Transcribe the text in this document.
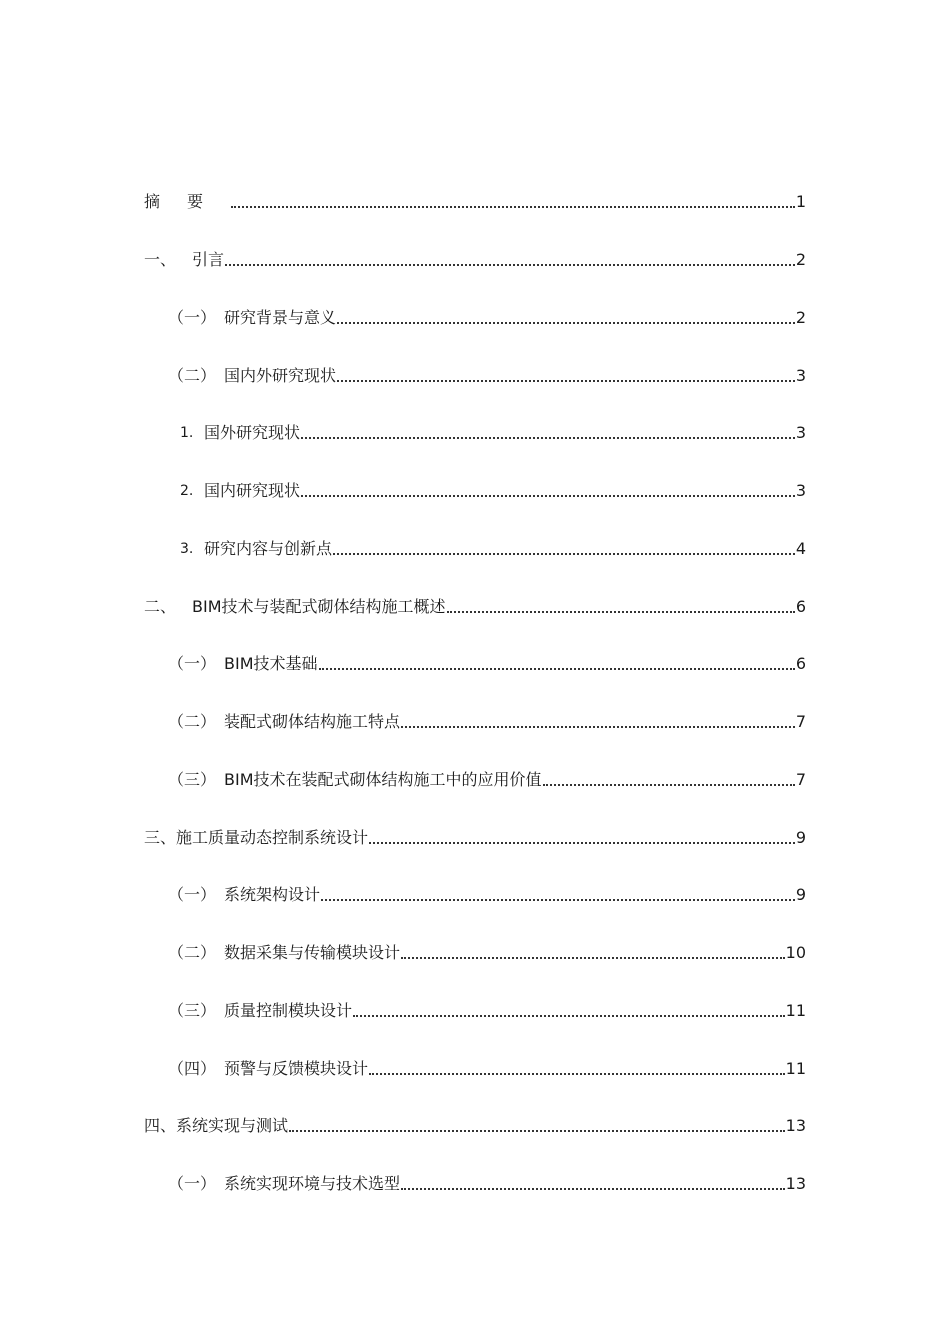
摘要	1
一、 引言	2
（一） 研究背景与意义	2
（二） 国内外研究现状	3
1. 国外研究现状	3
2. 国内研究现状	3
3. 研究内容与创新点	4
二、 BIM技术与装配式砌体结构施工概述	6
（一） BIM技术基础	6
（二） 装配式砌体结构施工特点	7
（三） BIM技术在装配式砌体结构施工中的应用价值	7
三、施工质量动态控制系统设计	9
（一） 系统架构设计	9
（二） 数据采集与传输模块设计	10
（三） 质量控制模块设计	11
（四） 预警与反馈模块设计	11
四、系统实现与测试	13
（一） 系统实现环境与技术选型	13
